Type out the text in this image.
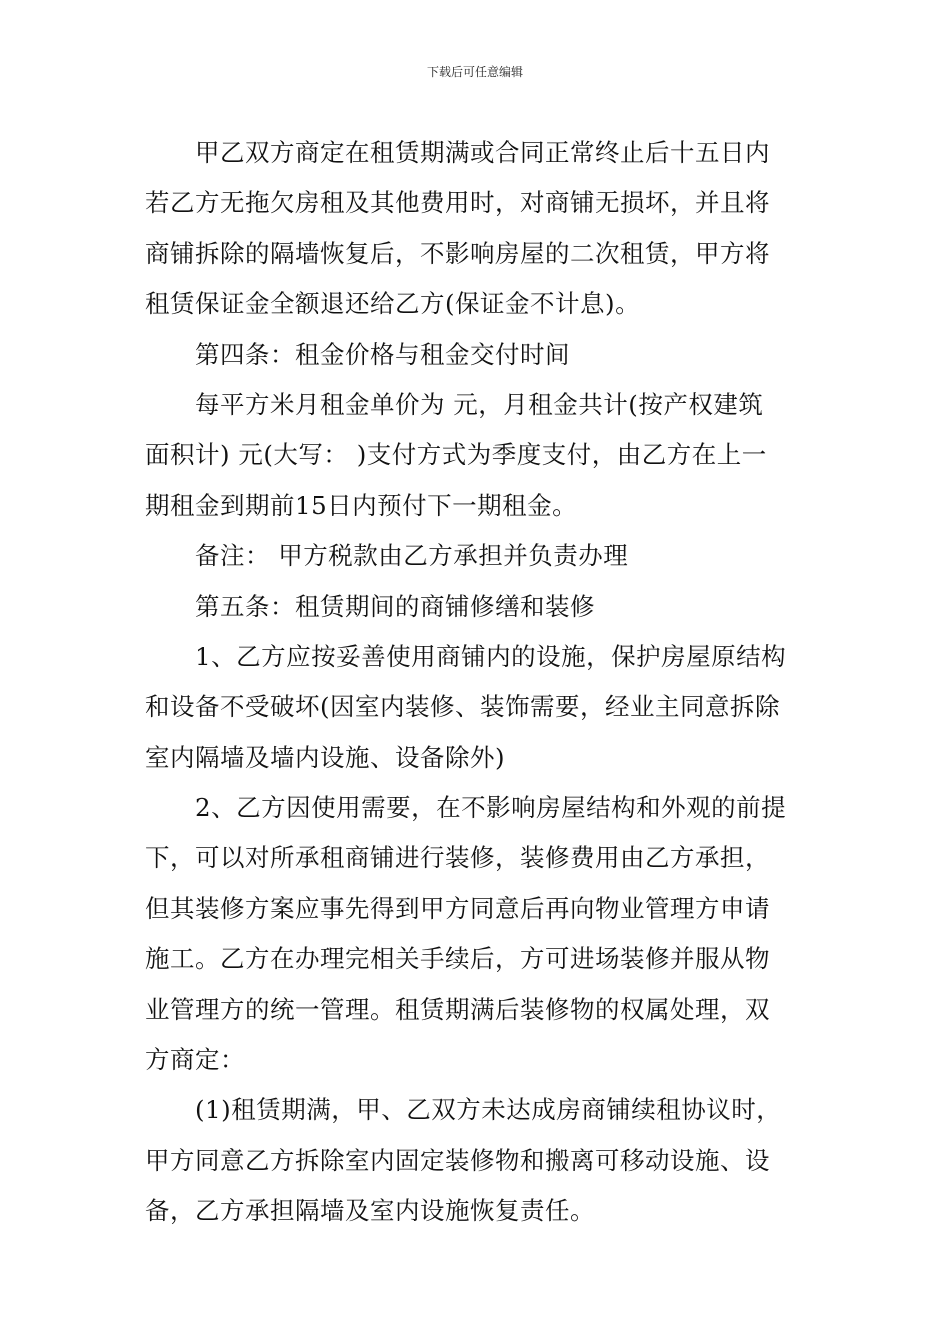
下载后可任意编辑
甲乙双方商定在租赁期满或合同正常终止后十五日内
若乙方无拖欠房租及其他费用时，对商铺无损坏，并且将
商铺拆除的隔墙恢复后，不影响房屋的二次租赁，甲方将
租赁保证金全额退还给乙方(保证金不计息)。
第四条：租金价格与租金交付时间
每平方米月租金单价为 元，月租金共计(按产权建筑
面积计) 元(大写： )支付方式为季度支付，由乙方在上一
期租金到期前15日内预付下一期租金。
备注： 甲方税款由乙方承担并负责办理
第五条：租赁期间的商铺修缮和装修
1、乙方应按妥善使用商铺内的设施，保护房屋原结构
和设备不受破坏(因室内装修、装饰需要，经业主同意拆除
室内隔墙及墙内设施、设备除外)
2、乙方因使用需要，在不影响房屋结构和外观的前提
下，可以对所承租商铺进行装修，装修费用由乙方承担，
但其装修方案应事先得到甲方同意后再向物业管理方申请
施工。乙方在办理完相关手续后，方可进场装修并服从物
业管理方的统一管理。租赁期满后装修物的权属处理，双
方商定：
(1)租赁期满，甲、乙双方未达成房商铺续租协议时，
甲方同意乙方拆除室内固定装修物和搬离可移动设施、设
备，乙方承担隔墙及室内设施恢复责任。
